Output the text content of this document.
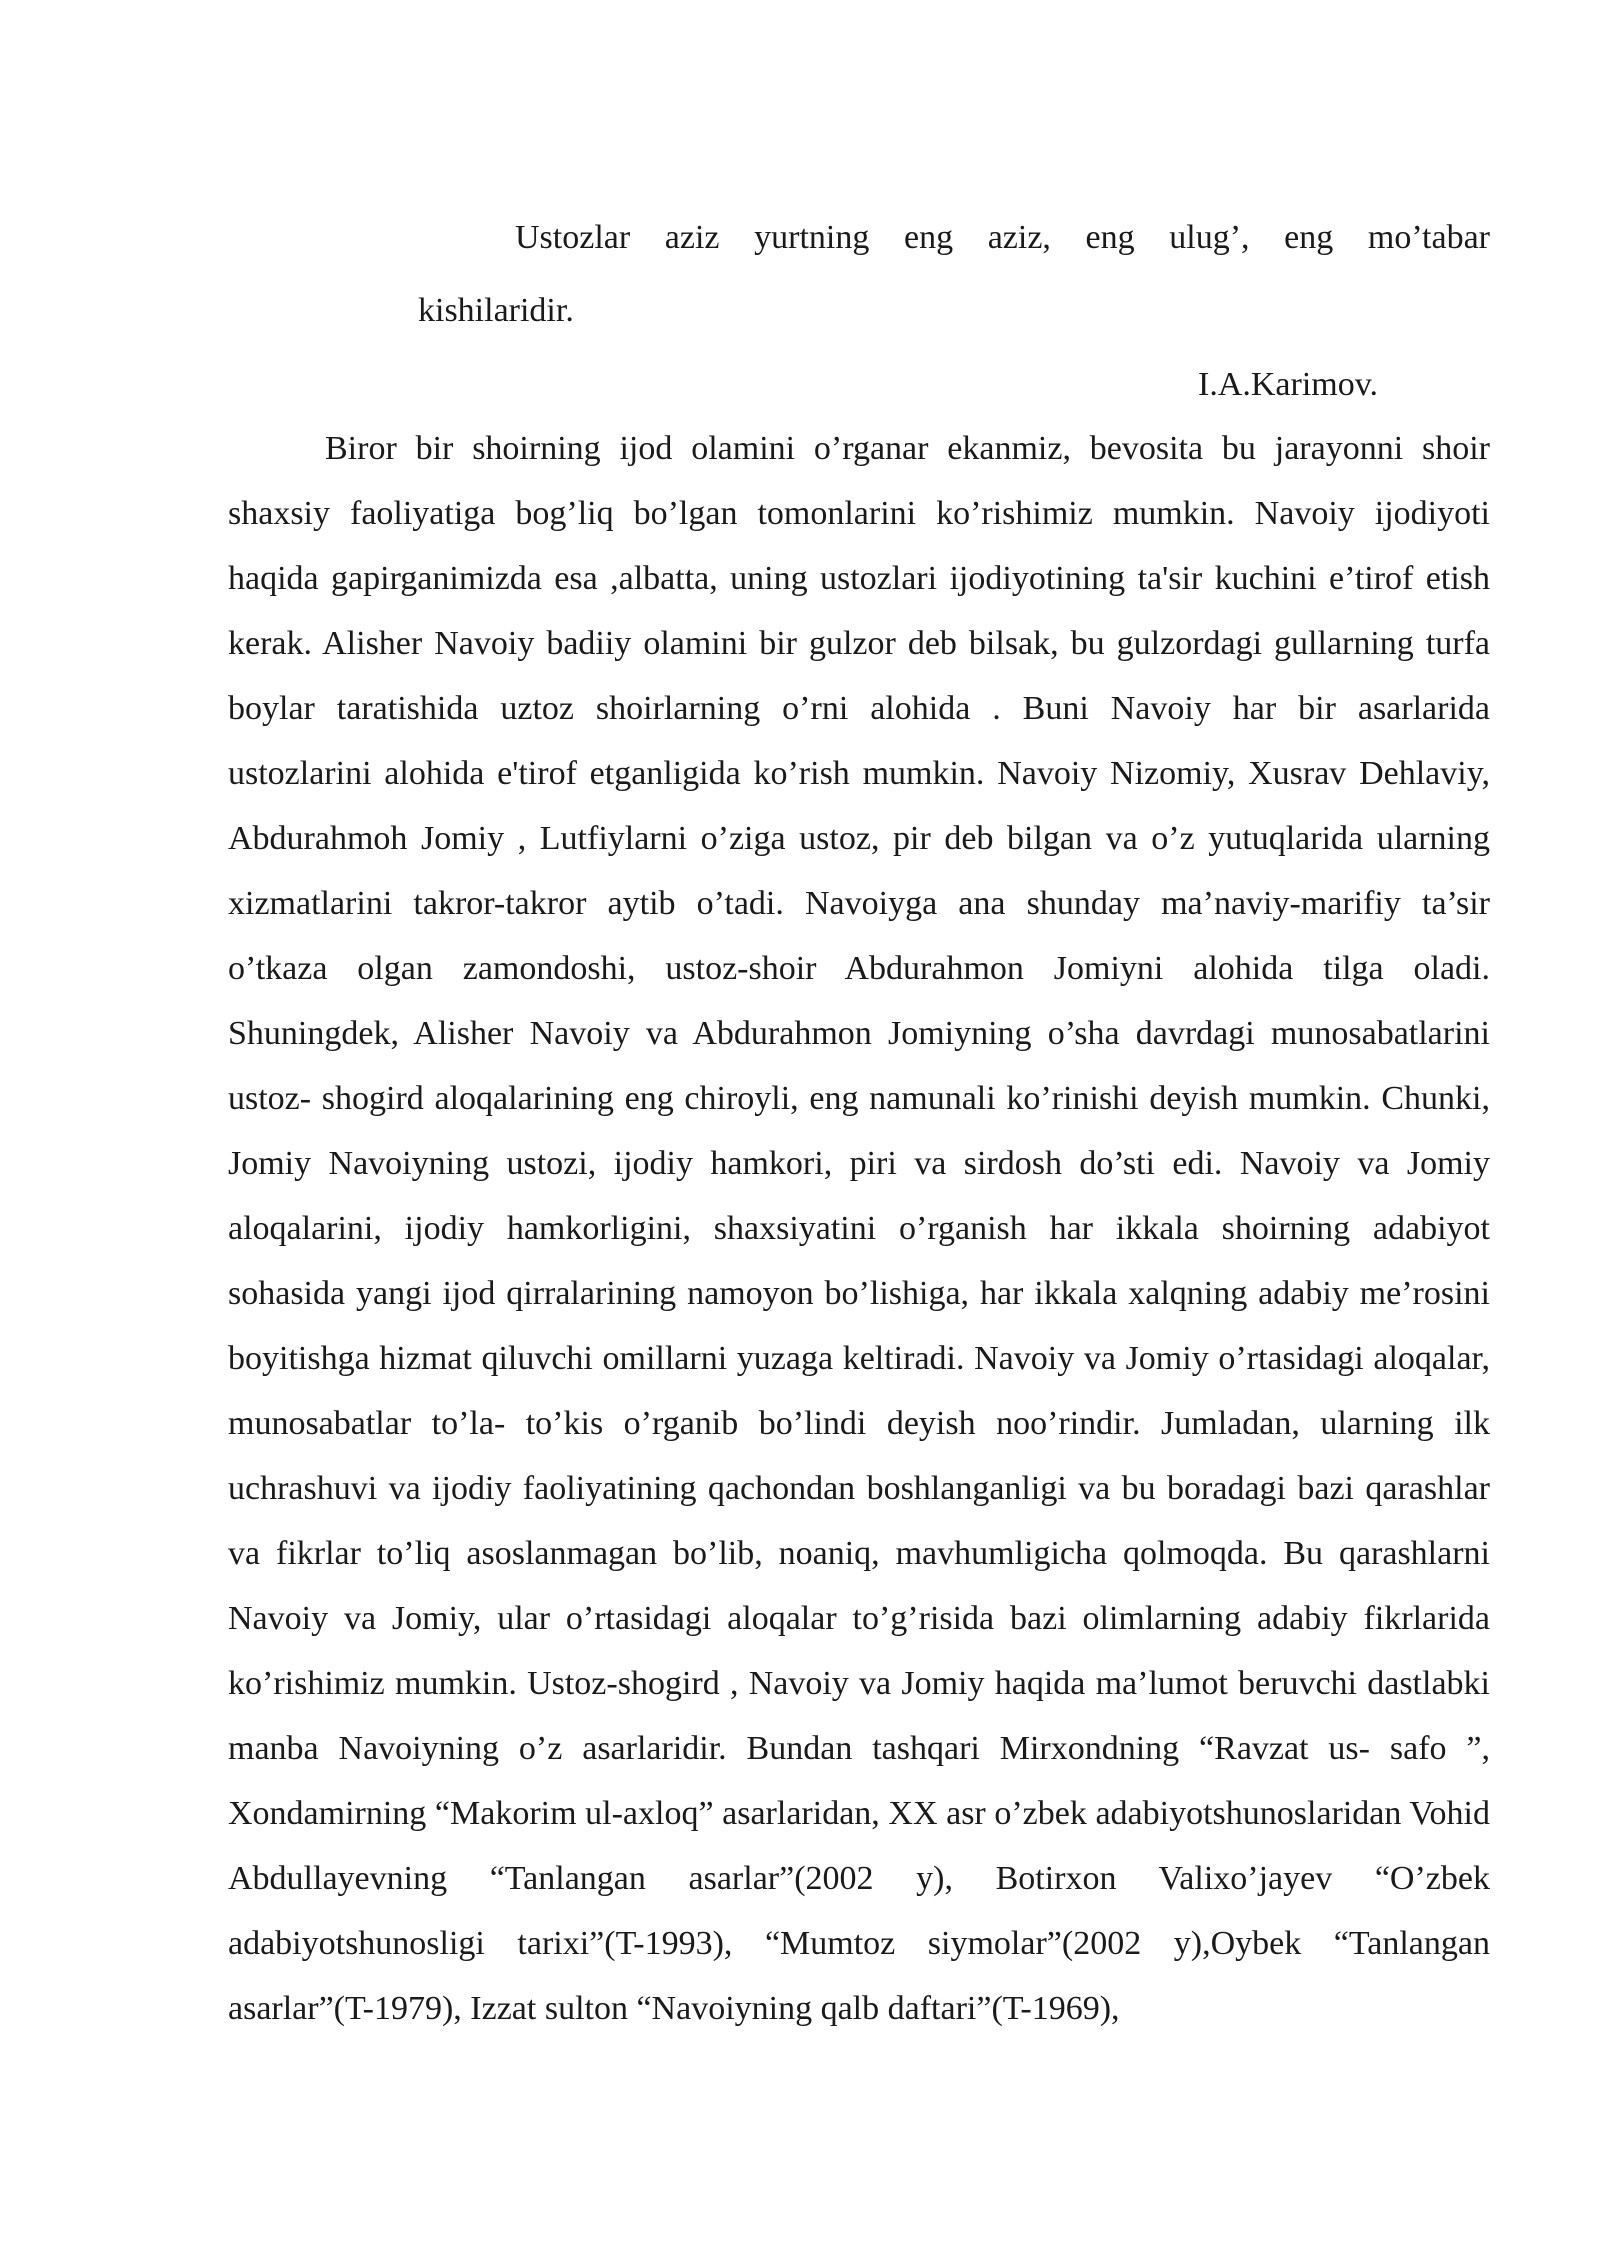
Ustozlar aziz yurtning eng aziz, eng ulug’, eng mo’tabar
kishilaridir.
I.A.Karimov.

Biror bir shoirning ijod olamini o’rganar ekanmiz, bevosita bu jarayonni shoir shaxsiy faoliyatiga bog’liq bo’lgan tomonlarini ko’rishimiz mumkin. Navoiy ijodiyoti haqida gapirganimizda esa ,albatta, uning ustozlari ijodiyotining ta'sir kuchini e’tirof etish kerak. Alisher Navoiy badiiy olamini bir gulzor deb bilsak, bu gulzordagi gullarning turfa boylar taratishida uztoz shoirlarning o’rni alohida . Buni Navoiy har bir asarlarida ustozlarini alohida e'tirof etganligida ko’rish mumkin. Navoiy Nizomiy, Xusrav Dehlaviy, Abdurahmoh Jomiy , Lutfiylarni o’ziga ustoz, pir deb bilgan va o’z yutuqlarida ularning xizmatlarini takror-takror aytib o’tadi. Navoiyga ana shunday ma’naviy-marifiy ta’sir o’tkaza olgan zamondoshi, ustoz-shoir Abdurahmon Jomiyni alohida tilga oladi. Shuningdek, Alisher Navoiy va Abdurahmon Jomiyning o’sha davrdagi munosabatlarini ustoz- shogird aloqalarining eng chiroyli, eng namunali ko’rinishi deyish mumkin. Chunki, Jomiy Navoiyning ustozi, ijodiy hamkori, piri va sirdosh do’sti edi. Navoiy va Jomiy aloqalarini, ijodiy hamkorligini, shaxsiyatini o’rganish har ikkala shoirning adabiyot sohasida yangi ijod qirralarining namoyon bo’lishiga, har ikkala xalqning adabiy me’rosini boyitishga hizmat qiluvchi omillarni yuzaga keltiradi. Navoiy va Jomiy o’rtasidagi aloqalar, munosabatlar to’la- to’kis o’rganib bo’lindi deyish noo’rindir. Jumladan, ularning ilk uchrashuvi va ijodiy faoliyatining qachondan boshlanganligi va bu boradagi bazi qarashlar va fikrlar to’liq asoslanmagan bo’lib, noaniq, mavhumligicha qolmoqda. Bu qarashlarni Navoiy va Jomiy, ular o’rtasidagi aloqalar to’g’risida bazi olimlarning adabiy fikrlarida ko’rishimiz mumkin. Ustoz-shogird , Navoiy va Jomiy haqida ma’lumot beruvchi dastlabki manba Navoiyning o’z asarlaridir. Bundan tashqari Mirxondning “Ravzat us- safo ”, Xondamirning “Makorim ul-axloq” asarlaridan, XX asr o’zbek adabiyotshunoslaridan Vohid Abdullayevning “Tanlangan asarlar”(2002 y), Botirxon Valixo’jayev “O’zbek adabiyotshunosligi tarixi”(T-1993), “Mumtoz siymolar”(2002 y),Oybek “Tanlangan asarlar”(T-1979), Izzat sulton “Navoiyning qalb daftari”(T-1969),
